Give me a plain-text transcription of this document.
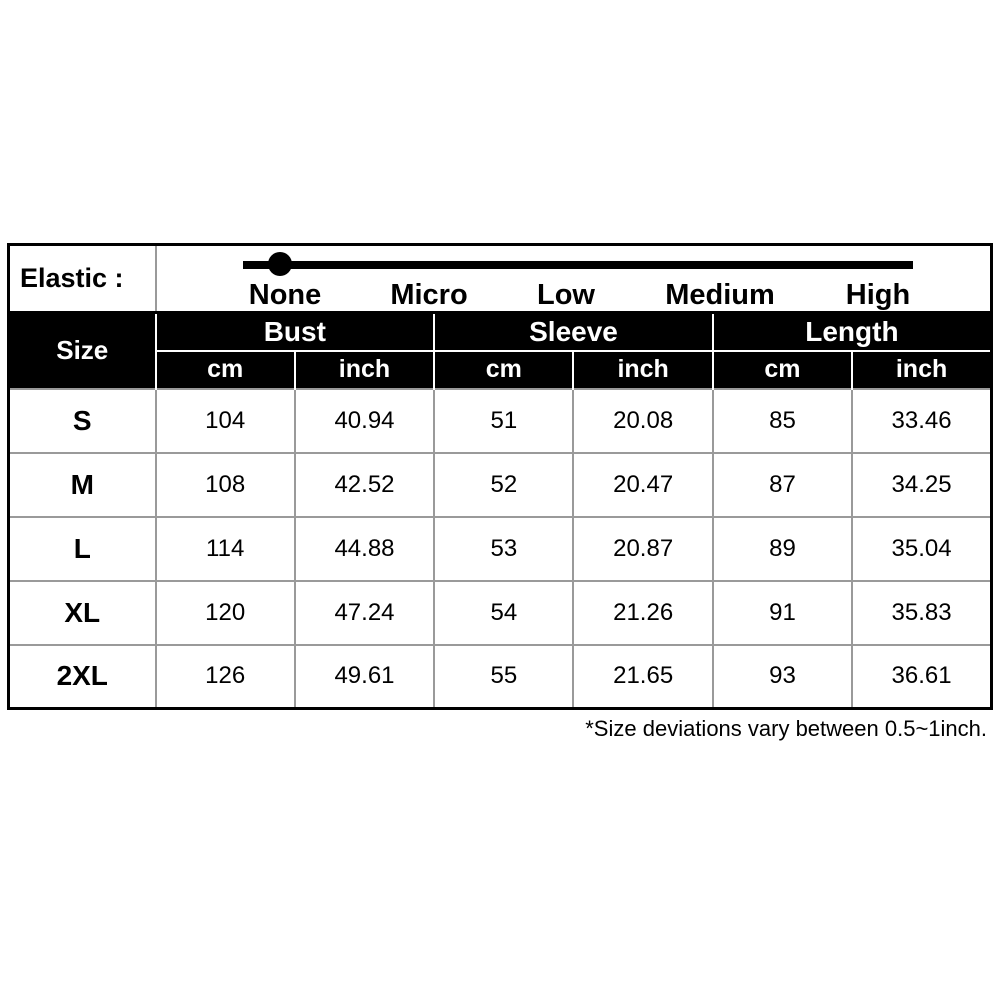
Elastic :
None Micro Low Medium High
Size	Bust		Sleeve		Length	
	cm	inch	cm	inch	cm	inch
S	104	40.94	51	20.08	85	33.46
M	108	42.52	52	20.47	87	34.25
L	114	44.88	53	20.87	89	35.04
XL	120	47.24	54	21.26	91	35.83
2XL	126	49.61	55	21.65	93	36.61
*Size deviations vary between 0.5~1inch.
